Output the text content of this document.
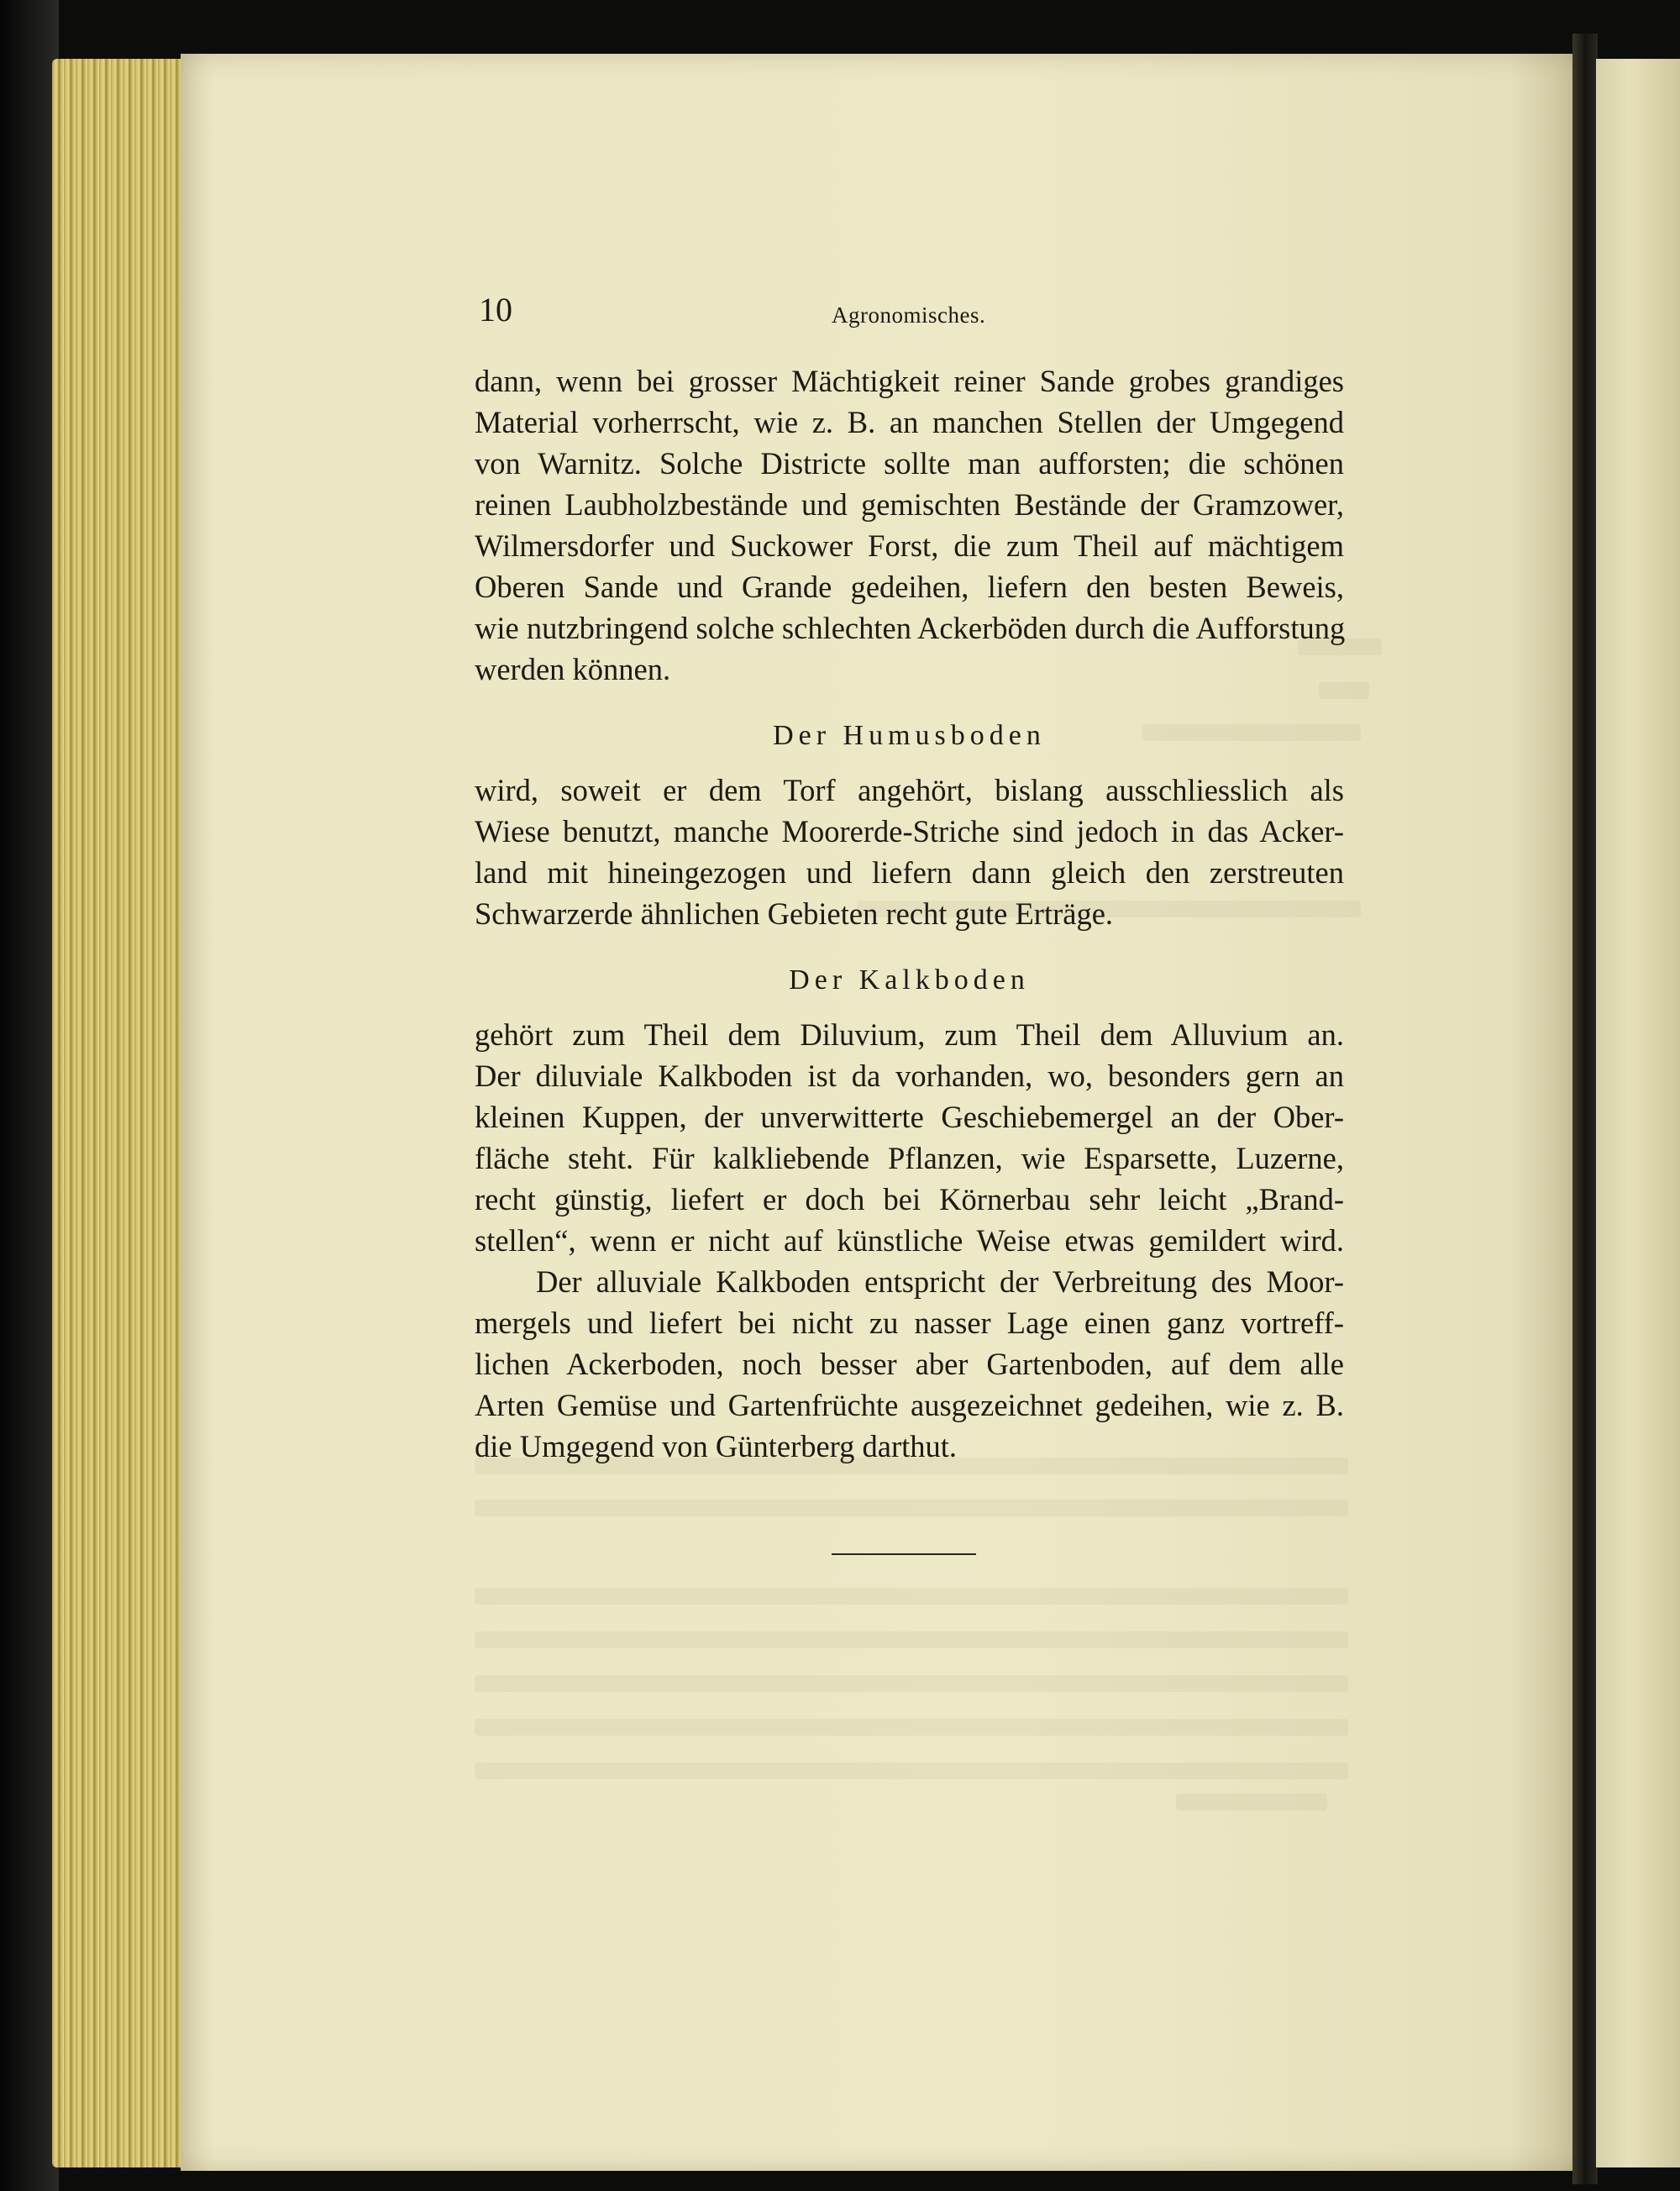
10	Agronomisches.
dann, wenn bei grosser Mächtigkeit reiner Sande grobes grandiges
Material vorherrscht, wie z. B. an manchen Stellen der Umgegend
von Warnitz. Solche Districte sollte man aufforsten; die schönen
reinen Laubholzbestände und gemischten Bestände der Gramzower,
Wilmersdorfer und Suckower Forst, die zum Theil auf mächtigem
Oberen Sande und Grande gedeihen, liefern den besten Beweis,
wie nutzbringend solche schlechten Ackerböden durch die Aufforstung
werden können.
Der Humusboden
wird, soweit er dem Torf angehört, bislang ausschliesslich als
Wiese benutzt, manche Moorerde-Striche sind jedoch in das Acker-
land mit hineingezogen und liefern dann gleich den zerstreuten
Schwarzerde ähnlichen Gebieten recht gute Erträge.
Der Kalkboden
gehört zum Theil dem Diluvium, zum Theil dem Alluvium an.
Der diluviale Kalkboden ist da vorhanden, wo, besonders gern an
kleinen Kuppen, der unverwitterte Geschiebemergel an der Ober-
fläche steht. Für kalkliebende Pflanzen, wie Esparsette, Luzerne,
recht günstig, liefert er doch bei Körnerbau sehr leicht „Brand-
stellen“, wenn er nicht auf künstliche Weise etwas gemildert wird.
Der alluviale Kalkboden entspricht der Verbreitung des Moor-
mergels und liefert bei nicht zu nasser Lage einen ganz vortreff-
lichen Ackerboden, noch besser aber Gartenboden, auf dem alle
Arten Gemüse und Gartenfrüchte ausgezeichnet gedeihen, wie z. B.
die Umgegend von Günterberg darthut.
